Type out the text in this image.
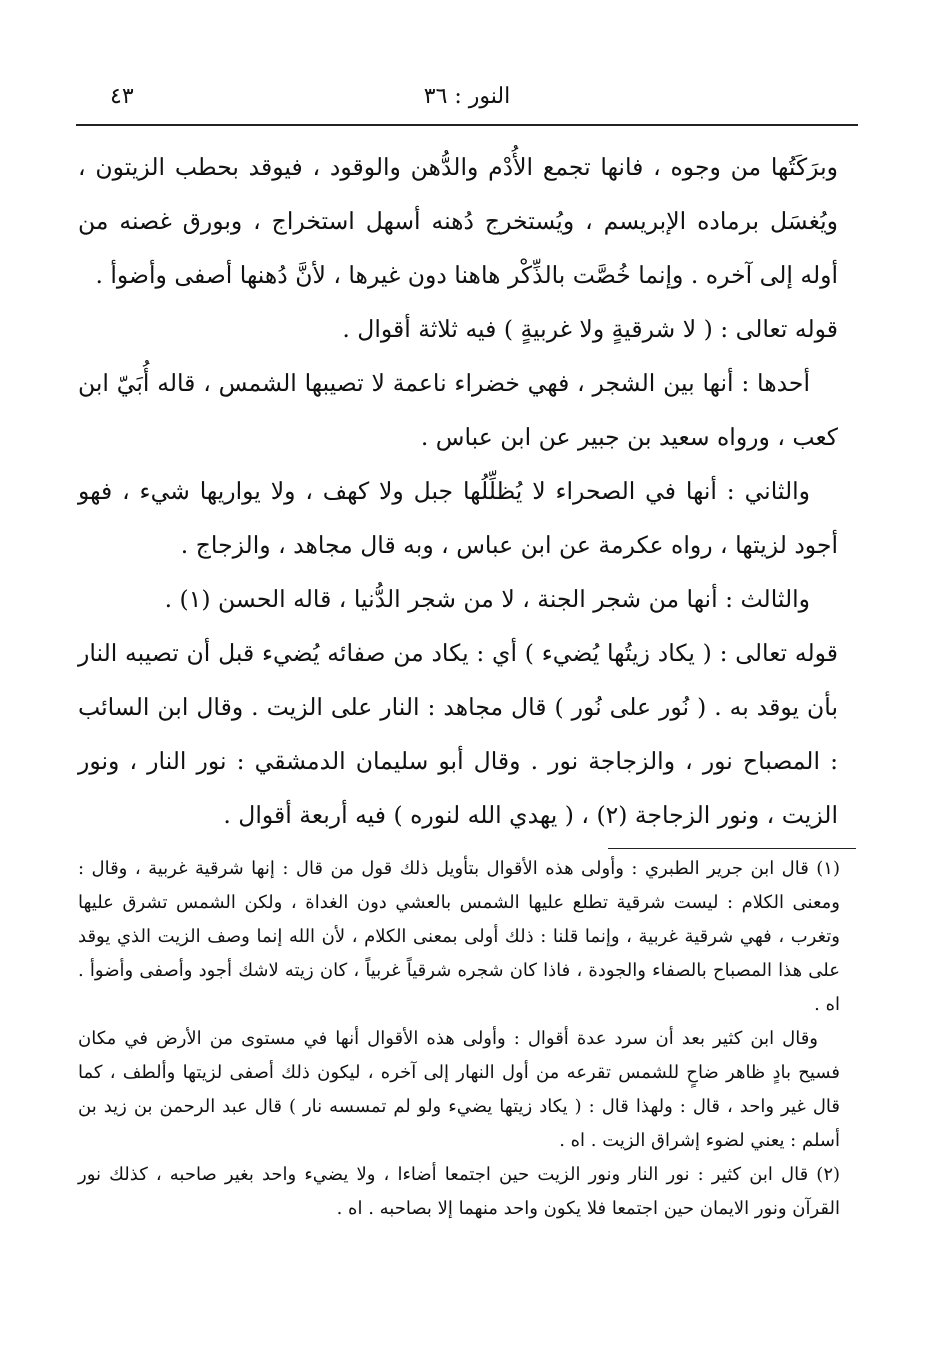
النور : ٣٦
٤٣

وبرَكَتُها من وجوه ، فانها تجمع الأُدْم والدُّهن والوقود ، فيوقد بحطب الزيتون ، ويُغسَل برماده الإبريسم ، ويُستخرج دُهنه أسهل استخراج ، وبورق غصنه من أوله إلى آخره . وإنما خُصَّت بالذِّكْر هاهنا دون غيرها ، لأنَّ دُهنها أصفى وأضوأ .

قوله تعالى : ( لا شرقيةٍ ولا غربيةٍ ) فيه ثلاثة أقوال .

أحدها : أنها بين الشجر ، فهي خضراء ناعمة لا تصيبها الشمس ، قاله أُبَيّ ابن كعب ، ورواه سعيد بن جبير عن ابن عباس .

والثاني : أنها في الصحراء لا يُظلِّلُها جبل ولا كهف ، ولا يواريها شيء ، فهو أجود لزيتها ، رواه عكرمة عن ابن عباس ، وبه قال مجاهد ، والزجاج .

والثالث : أنها من شجر الجنة ، لا من شجر الدُّنيا ، قاله الحسن (١) .

قوله تعالى : ( يكاد زيتُها يُضيء ) أي : يكاد من صفائه يُضيء قبل أن تصيبه النار بأن يوقد به . ( نُور على نُور ) قال مجاهد : النار على الزيت . وقال ابن السائب : المصباح نور ، والزجاجة نور . وقال أبو سليمان الدمشقي : نور النار ، ونور الزيت ، ونور الزجاجة (٢) ، ( يهدي الله لنوره ) فيه أربعة أقوال .

(١) قال ابن جرير الطبري : وأولى هذه الأقوال بتأويل ذلك قول من قال : إنها شرقية غربية ، وقال : ومعنى الكلام : ليست شرقية تطلع عليها الشمس بالعشي دون الغداة ، ولكن الشمس تشرق عليها وتغرب ، فهي شرقية غربية ، وإنما قلنا : ذلك أولى بمعنى الكلام ، لأن الله إنما وصف الزيت الذي يوقد على هذا المصباح بالصفاء والجودة ، فاذا كان شجره شرقياً غربياً ، كان زيته لاشك أجود وأصفى وأضوأ . اه .

وقال ابن كثير بعد أن سرد عدة أقوال : وأولى هذه الأقوال أنها في مستوى من الأرض في مكان فسيح بادٍ ظاهر ضاحٍ للشمس تقرعه من أول النهار إلى آخره ، ليكون ذلك أصفى لزيتها وألطف ، كما قال غير واحد ، قال : ولهذا قال : ( يكاد زيتها يضيء ولو لم تمسسه نار ) قال عبد الرحمن بن زيد بن أسلم : يعني لضوء إشراق الزيت . اه .

(٢) قال ابن كثير : نور النار ونور الزيت حين اجتمعا أضاءا ، ولا يضيء واحد بغير صاحبه ، كذلك نور القرآن ونور الايمان حين اجتمعا فلا يكون واحد منهما إلا بصاحبه . اه .
